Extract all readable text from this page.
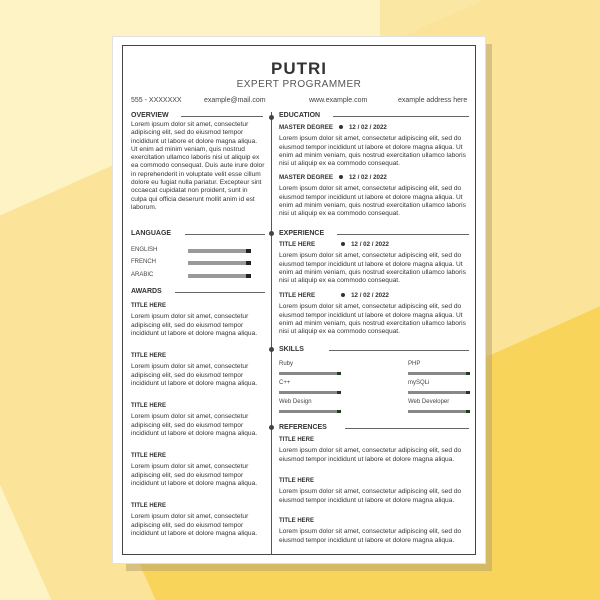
PUTRI
EXPERT PROGRAMMER
555 - XXXXXXX	example@mail.com	www.example.com	example address here
OVERVIEW
Lorem ipsum dolor sit amet, consectetur adipiscing elit, sed do eiusmod tempor incididunt ut labore et dolore magna aliqua. Ut enim ad minim veniam, quis nostrud exercitation ullamco laboris nisi ut aliquip ex ea commodo consequat. Duis aute irure dolor in reprehenderit in voluptate velit esse cillum dolore eu fugiat nulla pariatur. Excepteur sint occaecat cupidatat non proident, sunt in culpa qui officia deserunt mollit anim id est laborum.
LANGUAGE
ENGLISH
FRENCH
ARABIC
AWARDS
TITLE HERE
Lorem ipsum dolor sit amet, consectetur adipiscing elit, sed do eiusmod tempor incididunt ut labore et dolore magna aliqua.
TITLE HERE
Lorem ipsum dolor sit amet, consectetur adipiscing elit, sed do eiusmod tempor incididunt ut labore et dolore magna aliqua.
TITLE HERE
Lorem ipsum dolor sit amet, consectetur adipiscing elit, sed do eiusmod tempor incididunt ut labore et dolore magna aliqua.
TITLE HERE
Lorem ipsum dolor sit amet, consectetur adipiscing elit, sed do eiusmod tempor incididunt ut labore et dolore magna aliqua.
TITLE HERE
Lorem ipsum dolor sit amet, consectetur adipiscing elit, sed do eiusmod tempor incididunt ut labore et dolore magna aliqua.
EDUCATION
MASTER DEGREE	12 / 02 / 2022
Lorem ipsum dolor sit amet, consectetur adipiscing elit, sed do eiusmod tempor incididunt ut labore et dolore magna aliqua. Ut enim ad minim veniam, quis nostrud exercitation ullamco laboris nisi ut aliquip ex ea commodo consequat.
MASTER DEGREE	12 / 02 / 2022
Lorem ipsum dolor sit amet, consectetur adipiscing elit, sed do eiusmod tempor incididunt ut labore et dolore magna aliqua. Ut enim ad minim veniam, quis nostrud exercitation ullamco laboris nisi ut aliquip ex ea commodo consequat.
EXPERIENCE
TITLE HERE	12 / 02 / 2022
Lorem ipsum dolor sit amet, consectetur adipiscing elit, sed do eiusmod tempor incididunt ut labore et dolore magna aliqua. Ut enim ad minim veniam, quis nostrud exercitation ullamco laboris nisi ut aliquip ex ea commodo consequat.
TITLE HERE	12 / 02 / 2022
Lorem ipsum dolor sit amet, consectetur adipiscing elit, sed do eiusmod tempor incididunt ut labore et dolore magna aliqua. Ut enim ad minim veniam, quis nostrud exercitation ullamco laboris nisi ut aliquip ex ea commodo consequat.
SKILLS
Ruby	PHP
C++	mySQLi
Web Design	Web Developer
REFERENCES
TITLE HERE
Lorem ipsum dolor sit amet, consectetur adipiscing elit, sed do eiusmod tempor incididunt ut labore et dolore magna aliqua.
TITLE HERE
Lorem ipsum dolor sit amet, consectetur adipiscing elit, sed do eiusmod tempor incididunt ut labore et dolore magna aliqua.
TITLE HERE
Lorem ipsum dolor sit amet, consectetur adipiscing elit, sed do eiusmod tempor incididunt ut labore et dolore magna aliqua.
